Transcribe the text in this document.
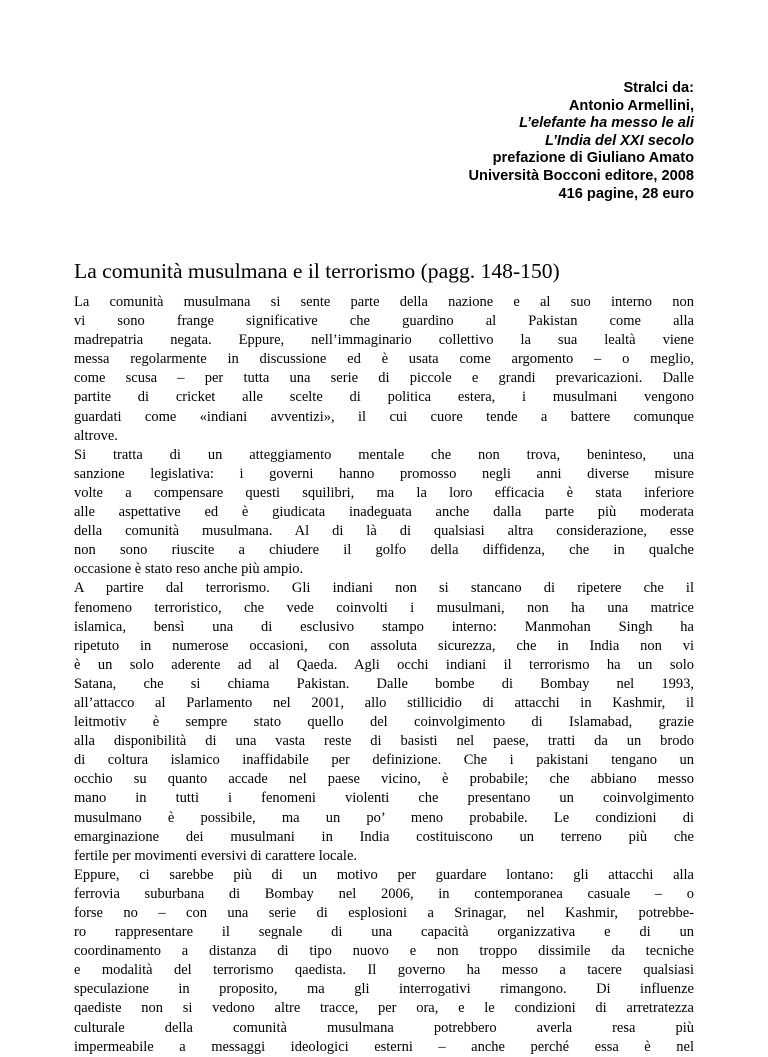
Stralci da:
Antonio Armellini,
L’elefante ha messo le ali
L’India del XXI secolo
prefazione di Giuliano Amato
Università Bocconi editore, 2008
416 pagine, 28 euro
La comunità musulmana e il terrorismo (pagg. 148-150)
La comunità musulmana si sente parte della nazione e al suo interno non
vi sono frange significative che guardino al Pakistan come alla
madrepatria negata. Eppure, nell’immaginario collettivo la sua lealtà viene
messa regolarmente in discussione ed è usata come argomento – o meglio,
come scusa – per tutta una serie di piccole e grandi prevaricazioni. Dalle
partite di cricket alle scelte di politica estera, i musulmani vengono
guardati come «indiani avventizi», il cui cuore tende a battere comunque
altrove.
Si tratta di un atteggiamento mentale che non trova, beninteso, una
sanzione legislativa: i governi hanno promosso negli anni diverse misure
volte a compensare questi squilibri, ma la loro efficacia è stata inferiore
alle aspettative ed è giudicata inadeguata anche dalla parte più moderata
della comunità musulmana. Al di là di qualsiasi altra considerazione, esse
non sono riuscite a chiudere il golfo della diffidenza, che in qualche
occasione è stato reso anche più ampio.
A partire dal terrorismo. Gli indiani non si stancano di ripetere che il
fenomeno terroristico, che vede coinvolti i musulmani, non ha una matrice
islamica, bensì una di esclusivo stampo interno: Manmohan Singh ha
ripetuto in numerose occasioni, con assoluta sicurezza, che in India non vi
è un solo aderente ad al Qaeda. Agli occhi indiani il terrorismo ha un solo
Satana, che si chiama Pakistan. Dalle bombe di Bombay nel 1993,
all’attacco al Parlamento nel 2001, allo stillicidio di attacchi in Kashmir, il
leitmotiv è sempre stato quello del coinvolgimento di Islamabad, grazie
alla disponibilità di una vasta reste di basisti nel paese, tratti da un brodo
di coltura islamico inaffidabile per definizione. Che i pakistani tengano un
occhio su quanto accade nel paese vicino, è probabile; che abbiano messo
mano in tutti i fenomeni violenti che presentano un coinvolgimento
musulmano è possibile, ma un po’ meno probabile. Le condizioni di
emarginazione dei musulmani in India costituiscono un terreno più che
fertile per movimenti eversivi di carattere locale.
Eppure, ci sarebbe più di un motivo per guardare lontano: gli attacchi alla
ferrovia suburbana di Bombay nel 2006, in contemporanea casuale – o
forse no – con una serie di esplosioni a Srinagar, nel Kashmir, potrebbe-
ro rappresentare il segnale di una capacità organizzativa e di un
coordinamento a distanza di tipo nuovo e non troppo dissimile da tecniche
e modalità del terrorismo qaedista. Il governo ha messo a tacere qualsiasi
speculazione in proposito, ma gli interrogativi rimangono. Di influenze
qaediste non si vedono altre tracce, per ora, e le condizioni di arretratezza
culturale della comunità musulmana potrebbero averla resa più
impermeabile a messaggi ideologici esterni – anche perché essa è nel
